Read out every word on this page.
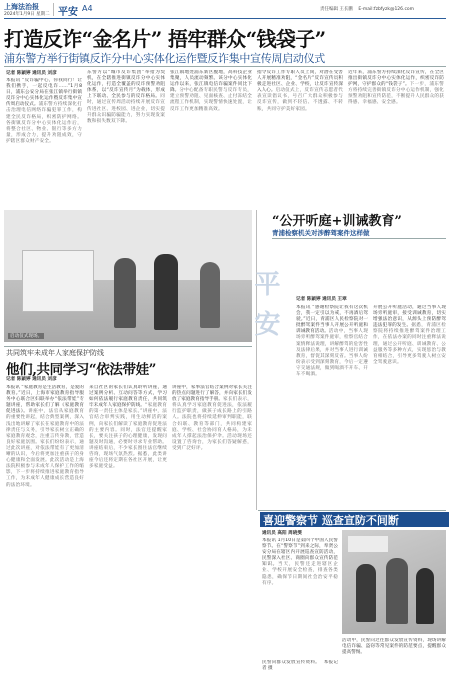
上海法治报
2024年1月9日 星期二 平安 A4	责任编辑 王长鹏 E-mail:fzbfyzk@126.com
打造反诈“金名片” 捂牢群众“钱袋子”
浦东警方举行街镇反诈分中心实体化运作暨反诈集中宣传周启动仪式
记者 陈颖婷 通讯员 刘彦
本报讯 “反诈骗中心，你我同行！让我们携手，一起反电诈……”1月8日，浦东公安分局在张江镇举行街镇反诈分中心实体化运作暨反诈集中宣传周启动仪式。浦东警方持续深化打击治理电信网络诈骗犯罪工作，构建全民反诈格局，织密防护网络。各街镇反诈分中心实体化运作后，将整合社区、物业、银行等多方力量，形成合力，提升劝阻成效，守护辖区群众财产安全。
东警方以“城市反诈集团”举措为契机，在全辖推进街镇反诈分中心实体化运作，打造全覆盖的反诈预警劝阻体系，以“反诈宣传月”为载体，形成上下联动、全民参与的反诈格局。同时，通过宣传周活动持续开展反诈宣传进社区、进校园、进企业，切实提升群众识骗防骗能力，努力实现发案数和损失数双下降。
张江镇地处浦东新区腹地，高科技企业集聚，人员流动频繁。该分中心实体化运作以来，张江镇电信诈骗案件同比下降。分中心配备专职民警与反诈专员，建立预警劝阻、见面核查、止付冻结全流程工作机制，实现警情快速处置，让反诈工作更加精准高效。
指令反诈工作专职人员上岗，对潜在受害人开展精准劝阻，“金名片”反诈宣传员积极走进社区、企业、学校，让反诈宣传深入人心。启动仪式上，反诈宣传志愿者代表宣读倡议书，号召广大群众积极参与反诈宣传，做到不轻信、不透露、不转账，共同守护美好家园。
近年来，浦东警方持续深化反诈宣传，在全区推出街镇反诈分中心实体化运作，织密反诈防护网，守护群众的“钱袋子”。下一步，浦东警方将持续完善街镇反诈分中心运作机制，强化预警劝阻和宣传防范，不断提升人民群众的获得感、幸福感、安全感。
启动仪式现场。
共同筑牢未成年人家庭保护防线
他们,共同学习“依法带娃”
记者 陈颖婷 通讯员 刘彦
本报讯 “家庭教育是生活教育，是爱的教育。”近日，上海市家庭教育指导服务中心联合区妇联举办“依法带娃”专题讲座，帮助家长们了解《家庭教育促进法》。讲座中，法官从家庭教育的重要性讲起，结合典型案例，深入浅出地讲解了家长在家庭教育中的法律责任与义务，引导家长树立正确的家庭教育观念，注重言传身教，营造良好家庭氛围。家长们纷纷表示，通过此次讲座，对依法带娃有了更加清晰的认识，今后将更加注重孩子的身心健康和全面发展。此次活动是上海法院积极参与未成年人保护工作的缩影，下一步将持续推进家庭教育指导工作，为未成年人健康成长营造良好的法治环境。
来自社区的家长们认真聆听讲座，通过案例分析、互动问答等方式，学习如何依法履行家庭教育责任，共同筑牢未成年人家庭保护防线。“家庭教育的第一责任主体是家长。”讲座中，法官结合审判实践，用生动鲜活的案例，向家长们解读了家庭教育促进法的主要内容。同时，法官还提醒家长，要关注孩子的心理健康，发现问题及时沟通，必要时寻求专业帮助。讲座结束后，不少家长围住法官继续咨询，现场气氛热烈。据悉，此类讲座今后还将定期在各社区开展，让更多家庭受益。
讲座中，家事法官结合案例对家长关注的热点问题进行了解答，并向家长们发放了家庭教育指导手册。家长们表示，将认真学习家庭教育促进法，依法履行监护职责，做孩子成长路上的引路人。法院也将持续延伸审判职能，联合妇联、教育等部门，共同构建家庭、学校、社会协同育人格局，为未成年人撑起法治保护伞。活动现场还设置了咨询台，为家长们答疑解惑，受到广泛好评。
平安
“公开听庭+训诫教育”
青浦检察机关对涉醉驾案件这样做
记者 陈颖婷 通讯员 王翠
本报讯 “感谢检察院让我有这次机会，我一定引以为戒，不再酒后驾驶。”近日，青浦区人民检察院对一批醉驾案件当事人开展公开听庭和训诫教育活动。活动中，当事人现场旁听醉驾案件庭审，检察官结合案情释法说理，讲解醉驾的危害性及法律后果，并对当事人进行训诫教育，督促其深刻反省。当事人纷纷表示受到深刻教育，今后一定遵守交通法规，做到喝酒不开车、开车不喝酒。
开展公开听庭活动，通过当事人现场旁听庭审，接受训诫教育，切实增强法治意识，从源头上预防醉驾违法犯罪的发生。据悉，青浦区检察院将持续推进醉驾案件治理工作，在依法办案的同时注重释法说理，通过公开听庭、训诫教育、公益服务等多种方式，实现惩治与教育相结合，引导更多驾驶人树立安全驾驶意识。
喜迎警察节 巡查宣防不间断
通讯员 高阳 周晓雯
本报讯 1月10日是第四个中国人民警察节。在“警察节”到来之际，奉贤公安分局在辖区内开展巡查宣防活动，民警深入社区、商圈向群众宣传防范知识。当天，民警还走进辖区企业、学校开展安全检查，排查各类隐患，确保节日期间社会治安平稳有序。
活动中，民警向过往群众发放宣传资料，现场讲解电信诈骗、盗窃等常见案件的防范要点，提醒群众提高警惕。
民警向群众发放宣传资料。 本报记者 摄
